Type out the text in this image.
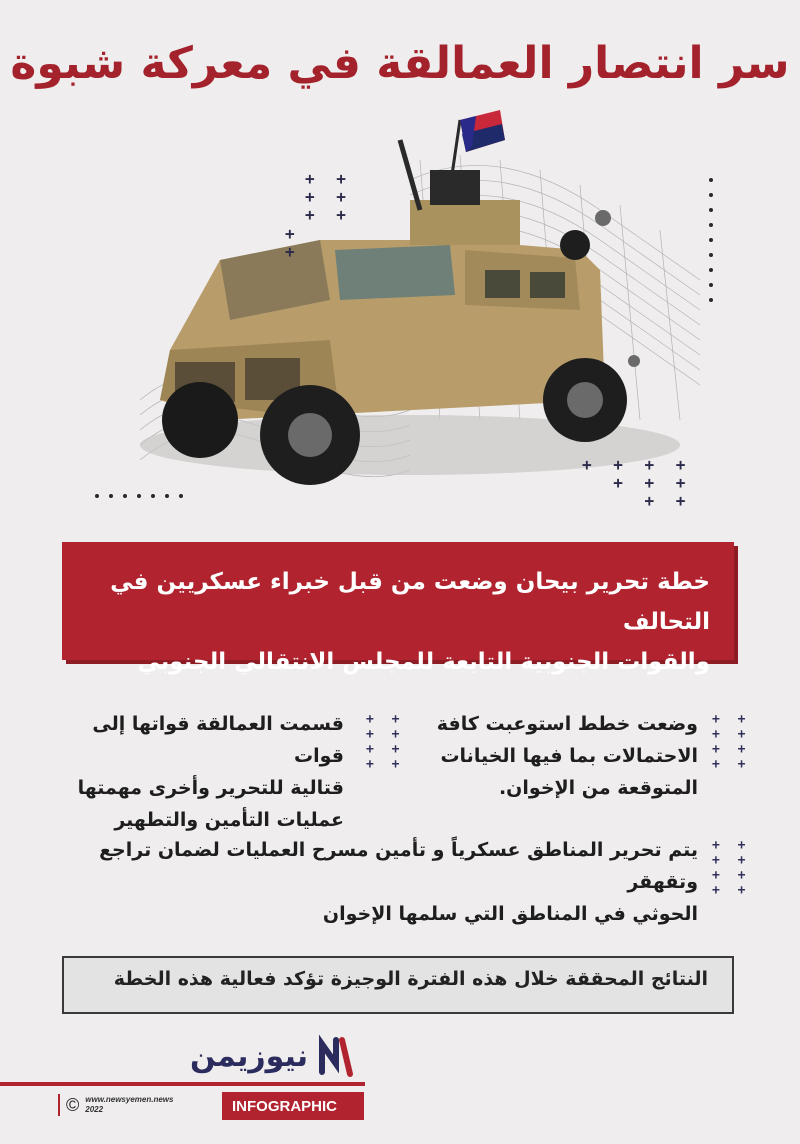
سر انتصار العمالقة في معركة شبوة
+ +
+ +
+ +

+
+
+ + + +
+ + +
+ +
خطة تحرير بيحان وضعت من قبل خبراء عسكريين في التحالف
والقوات الجنوبية التابعة للمجلس الانتقالي الجنوبي
+ +
+ +
+ +
+ +
وضعت خطط استوعبت كافة
الاحتمالات بما فيها الخيانات
المتوقعة من الإخوان.
+ +
+ +
+ +
+ +
قسمت العمالقة قواتها إلى قوات
قتالية للتحرير وأخرى مهمتها
عمليات التأمين والتطهير
+ +
+ +
+ +
+ +
يتم تحرير المناطق عسكرياً و تأمين مسرح العمليات لضمان تراجع وتقهقر
الحوثي في المناطق التي سلمها الإخوان
النتائج المحققة خلال هذه الفترة الوجيزة تؤكد فعالية هذه الخطة
نيوزيمن
INFOGRAPHIC
© www.newsyemen.news
2022
